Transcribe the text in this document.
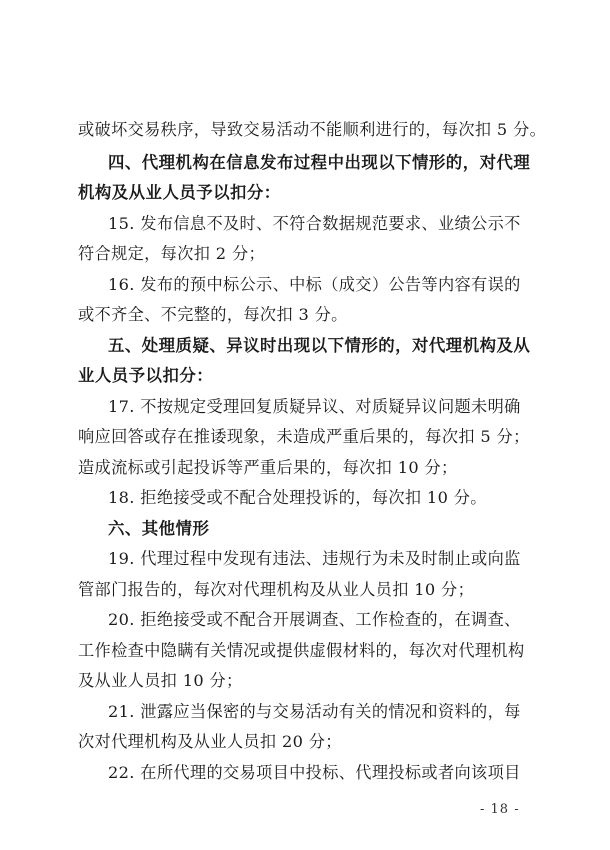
或破坏交易秩序，导致交易活动不能顺利进行的，每次扣 5 分。
四、代理机构在信息发布过程中出现以下情形的，对代理
机构及从业人员予以扣分：
15. 发布信息不及时、不符合数据规范要求、业绩公示不
符合规定，每次扣 2 分；
16. 发布的预中标公示、中标（成交）公告等内容有误的
或不齐全、不完整的，每次扣 3 分。
五、处理质疑、异议时出现以下情形的，对代理机构及从
业人员予以扣分：
17. 不按规定受理回复质疑异议、对质疑异议问题未明确
响应回答或存在推诿现象，未造成严重后果的，每次扣 5 分；
造成流标或引起投诉等严重后果的，每次扣 10 分；
18. 拒绝接受或不配合处理投诉的，每次扣 10 分。
六、其他情形
19. 代理过程中发现有违法、违规行为未及时制止或向监
管部门报告的，每次对代理机构及从业人员扣 10 分；
20. 拒绝接受或不配合开展调查、工作检查的，在调查、
工作检查中隐瞒有关情况或提供虚假材料的，每次对代理机构
及从业人员扣 10 分；
21. 泄露应当保密的与交易活动有关的情况和资料的，每
次对代理机构及从业人员扣 20 分；
22. 在所代理的交易项目中投标、代理投标或者向该项目
- 18 -
